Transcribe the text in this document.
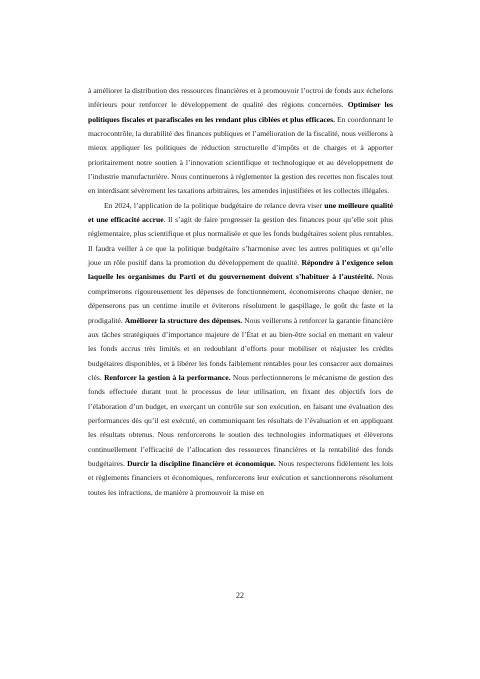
à améliorer la distribution des ressources financières et à promouvoir l’octroi de fonds aux échelons inférieurs pour renforcer le développement de qualité des régions concernées. Optimiser les politiques fiscales et parafiscales en les rendant plus ciblées et plus efficaces. En coordonnant le macrocontrôle, la durabilité des finances publiques et l’amélioration de la fiscalité, nous veillerons à mieux appliquer les politiques de réduction structurelle d’impôts et de charges et à apporter prioritairement notre soutien à l’innovation scientifique et technologique et au développement de l’industrie manufacturière. Nous continuerons à réglementer la gestion des recettes non fiscales tout en interdisant sévèrement les taxations arbitraires, les amendes injustifiées et les collectes illégales.

En 2024, l’application de la politique budgétaire de relance devra viser une meilleure qualité et une efficacité accrue. Il s’agit de faire progresser la gestion des finances pour qu’elle soit plus réglementaire, plus scientifique et plus normalisée et que les fonds budgétaires soient plus rentables. Il faudra veiller à ce que la politique budgétaire s’harmonise avec les autres politiques et qu’elle joue un rôle positif dans la promotion du développement de qualité. Répondre à l’exigence selon laquelle les organismes du Parti et du gouvernement doivent s’habituer à l’austérité. Nous comprimerons rigoureusement les dépenses de fonctionnement, économiserons chaque denier, ne dépenserons pas un centime inutile et éviterons résolument le gaspillage, le goût du faste et la prodigalité. Améliorer la structure des dépenses. Nous veillerons à renforcer la garantie financière aux tâches stratégiques d’importance majeure de l’État et au bien-être social en mettant en valeur les fonds accrus très limités et en redoublant d’efforts pour mobiliser et réajuster les crédits budgétaires disponibles, et à libérer les fonds faiblement rentables pour les consacrer aux domaines clés. Renforcer la gestion à la performance. Nous perfectionnerons le mécanisme de gestion des fonds effectuée durant tout le processus de leur utilisation, en fixant des objectifs lors de l’élaboration d’un budget, en exerçant un contrôle sur son exécution, en faisant une évaluation des performances dès qu’il est exécuté, en communiquant les résultats de l’évaluation et en appliquant les résultats obtenus. Nous renforcerons le soutien des technologies informatiques et élèverons continuellement l’efficacité de l’allocation des ressources financières et la rentabilité des fonds budgétaires. Durcir la discipline financière et économique. Nous respecterons fidèlement les lois et règlements financiers et économiques, renforcerons leur exécution et sanctionnerons résolument toutes les infractions, de manière à promouvoir la mise en

22
